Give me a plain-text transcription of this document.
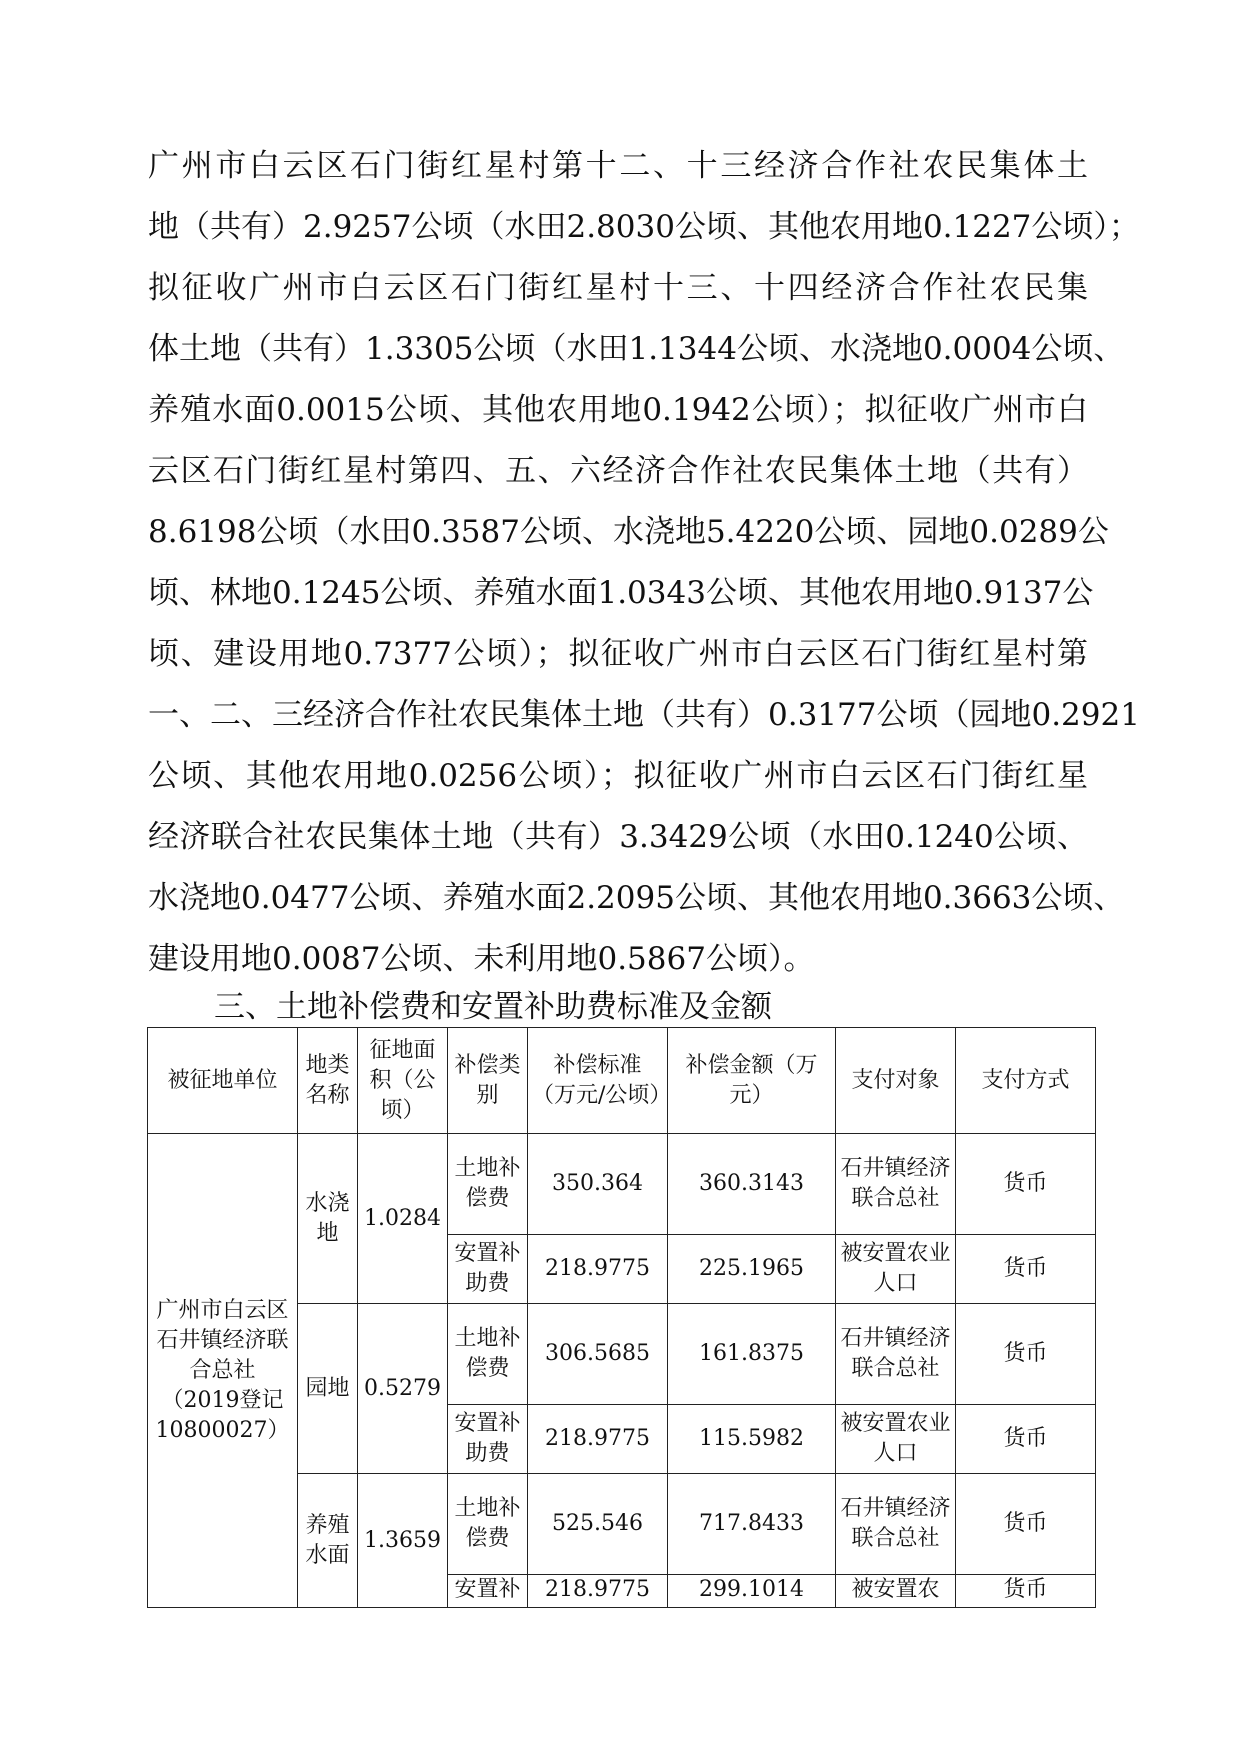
广州市白云区石门街红星村第十二、十三经济合作社农民集体土
地（共有）2.9257公顷（水田2.8030公顷、其他农用地0.1227公顷）；
拟征收广州市白云区石门街红星村十三、十四经济合作社农民集
体土地（共有）1.3305公顷（水田1.1344公顷、水浇地0.0004公顷、
养殖水面0.0015公顷、其他农用地0.1942公顷）；拟征收广州市白
云区石门街红星村第四、五、六经济合作社农民集体土地（共有）
8.6198公顷（水田0.3587公顷、水浇地5.4220公顷、园地0.0289公
顷、林地0.1245公顷、养殖水面1.0343公顷、其他农用地0.9137公
顷、建设用地0.7377公顷）；拟征收广州市白云区石门街红星村第
一、二、三经济合作社农民集体土地（共有）0.3177公顷（园地0.2921
公顷、其他农用地0.0256公顷）；拟征收广州市白云区石门街红星
经济联合社农民集体土地（共有）3.3429公顷（水田0.1240公顷、
水浇地0.0477公顷、养殖水面2.2095公顷、其他农用地0.3663公顷、
建设用地0.0087公顷、未利用地0.5867公顷）。
三、土地补偿费和安置补助费标准及金额
被征地单位	地类名称	征地面积（公顷）	补偿类别	补偿标准（万元/公顷）	补偿金额（万元）	支付对象	支付方式
广州市白云区石井镇经济联合总社（2019登记10800027）	水浇地	1.0284	土地补偿费	350.364	360.3143	石井镇经济联合总社	货币
			安置补助费	218.9775	225.1965	被安置农业人口	货币
	园地	0.5279	土地补偿费	306.5685	161.8375	石井镇经济联合总社	货币
			安置补助费	218.9775	115.5982	被安置农业人口	货币
	养殖水面	1.3659	土地补偿费	525.546	717.8433	石井镇经济联合总社	货币
			安置补	218.9775	299.1014	被安置农	货币
